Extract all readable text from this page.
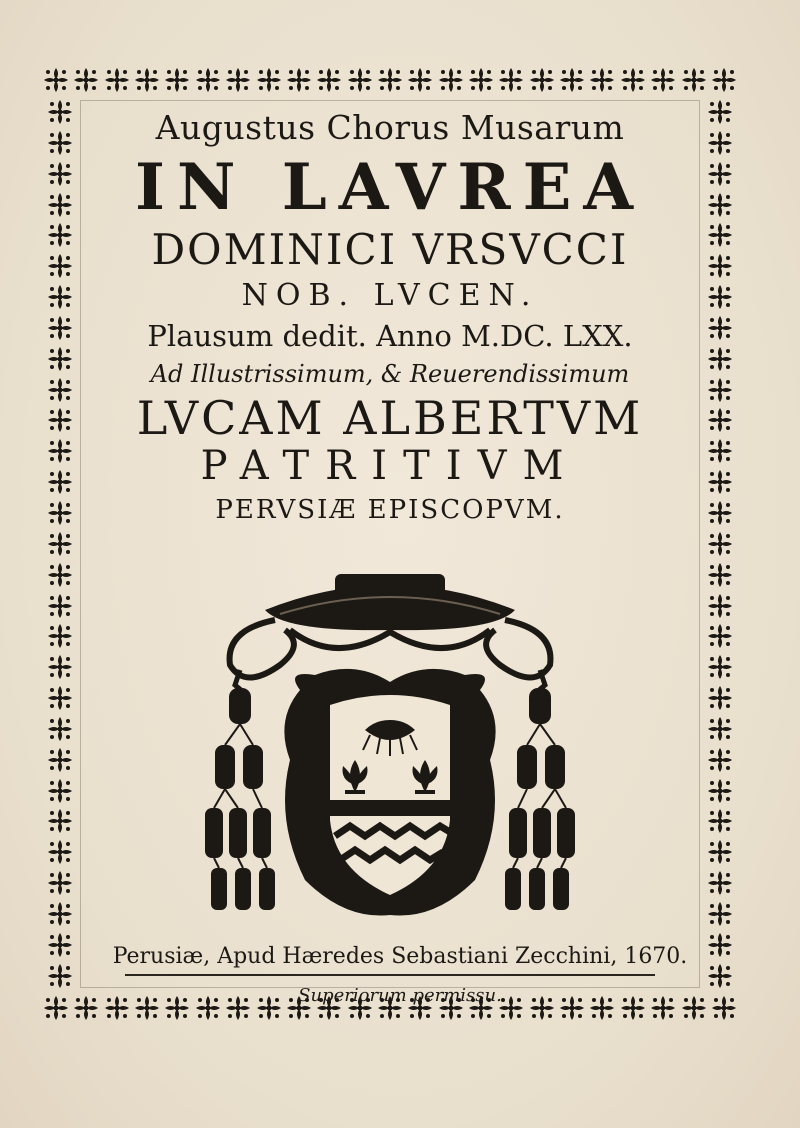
Augustus Chorus Musarum
IN LAVREA
DOMINICI VRSVCCI
NOB. LVCEN.
Plausum dedit. Anno M.DC. LXX.
Ad Illustrissimum, & Reuerendissimum
LVCAM ALBERTVM
PATRITIVM
PERVSIÆ EPISCOPVM.
Perusiæ, Apud Hæredes Sebastiani Zecchini, 1670.
Superiorum permissu.
